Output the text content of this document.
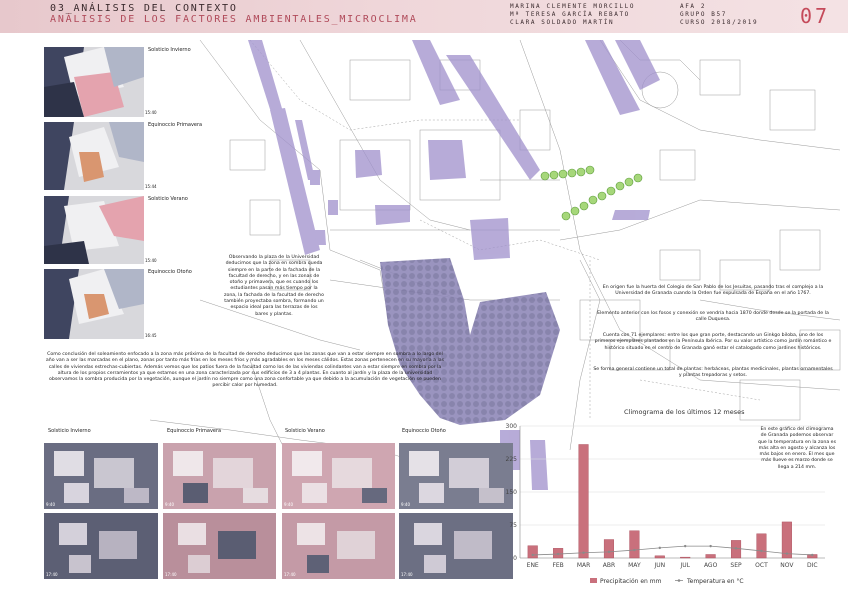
03_ANÁLISIS DEL CONTEXTO
ANÁLISIS DE LOS FACTORES AMBIENTALES_MICROCLIMA
MARINA CLEMENTE MORCILLO
Mª TERESA GARCÍA REBATO
CLARA SOLDADO MARTÍN
AFA 2
GRUPO B57
CURSO 2018/2019 07
Solsticio Invierno
Equinoccio Primavera
Solsticio Verano
Equinoccio Otoño
15:40
15:44
15:40
16:45
Observando la plaza de la Universidad deducimos que la zona en sombra queda siempre en la parte de la fachada de la facultad de derecho, y en las zonas de otoño y primavera, que es cuando los estudiantes pasan más tiempo por la zona, la fachada de la facultad de derecho también proyectaba sombra, formando un espacio ideal para las terrazas de los bares y plantas.
Como conclusión del soleamiento enfocado a la zona más próxima de la facultad de derecho deducimos que las zonas que van a estar siempre en sombra a lo largo del año van a ser las marcadas en el plano, zonas por tanto más frías en los meses fríos y más agradables en los meses cálidos. Estas zonas pertenecen en su mayoría a las calles de viviendas estrechas-cubiertas. Además vemos que los patios fuera de la facultad como los de las viviendas colindantes van a estar siempre en sombra por la altura de los propios cerramientos ya que estamos en una zona caracterizada por sus edificios de 3 a 4 plantas. En cuanto al jardín y la plaza de la universidad observamos la sombra producida por la vegetación, aunque el jardín no siempre como una zona confortable ya que debido a la acumulación de vegetación se pueden percibir calor por humedad.
En origen fue la huerta del Colegio de San Pablo de los Jesuitas, pasando tras el complejo a la Universidad de Granada cuando la Orden fue expulsada de España en el año 1767.
Elemento anterior con los fosos y conexión se vendría hacia 1870 donde desde se la portada de la calle Duquesa.
Cuenta con 71 ejemplares: entre los que gran porte, destacando un Ginkgo biloba, uno de los primeros ejemplares plantados en la Península Ibérica. Por su valor artístico como jardín romántico e histórico situado en el centro de Granada ganó estar el catalogado como jardines históricos.
Se forma general contiene un total de plantas: herbáceas, plantas medicinales, plantas ornamentales y plantas trepadoras y setos.
Solsticio Invierno	Equinoccio Primavera	Solsticio Verano	Equinoccio Otoño
9:40	9:40	9:40	9:40
17:40	17:40	17:40	17:40
Climograma de los últimos 12 meses
0
75
150
225
300
ENE FEB MAR ABR MAY JUN	JUL AGO SEP OCT NOV DIC
Precipitación en mm	Temperatura en °C
En este gráfico del climograma de Granada podemos observar que la temperatura en la zona es más alta en agosto y alcanza los más bajos en enero. El mes que más llueve es marzo donde se llega a 214 mm.
